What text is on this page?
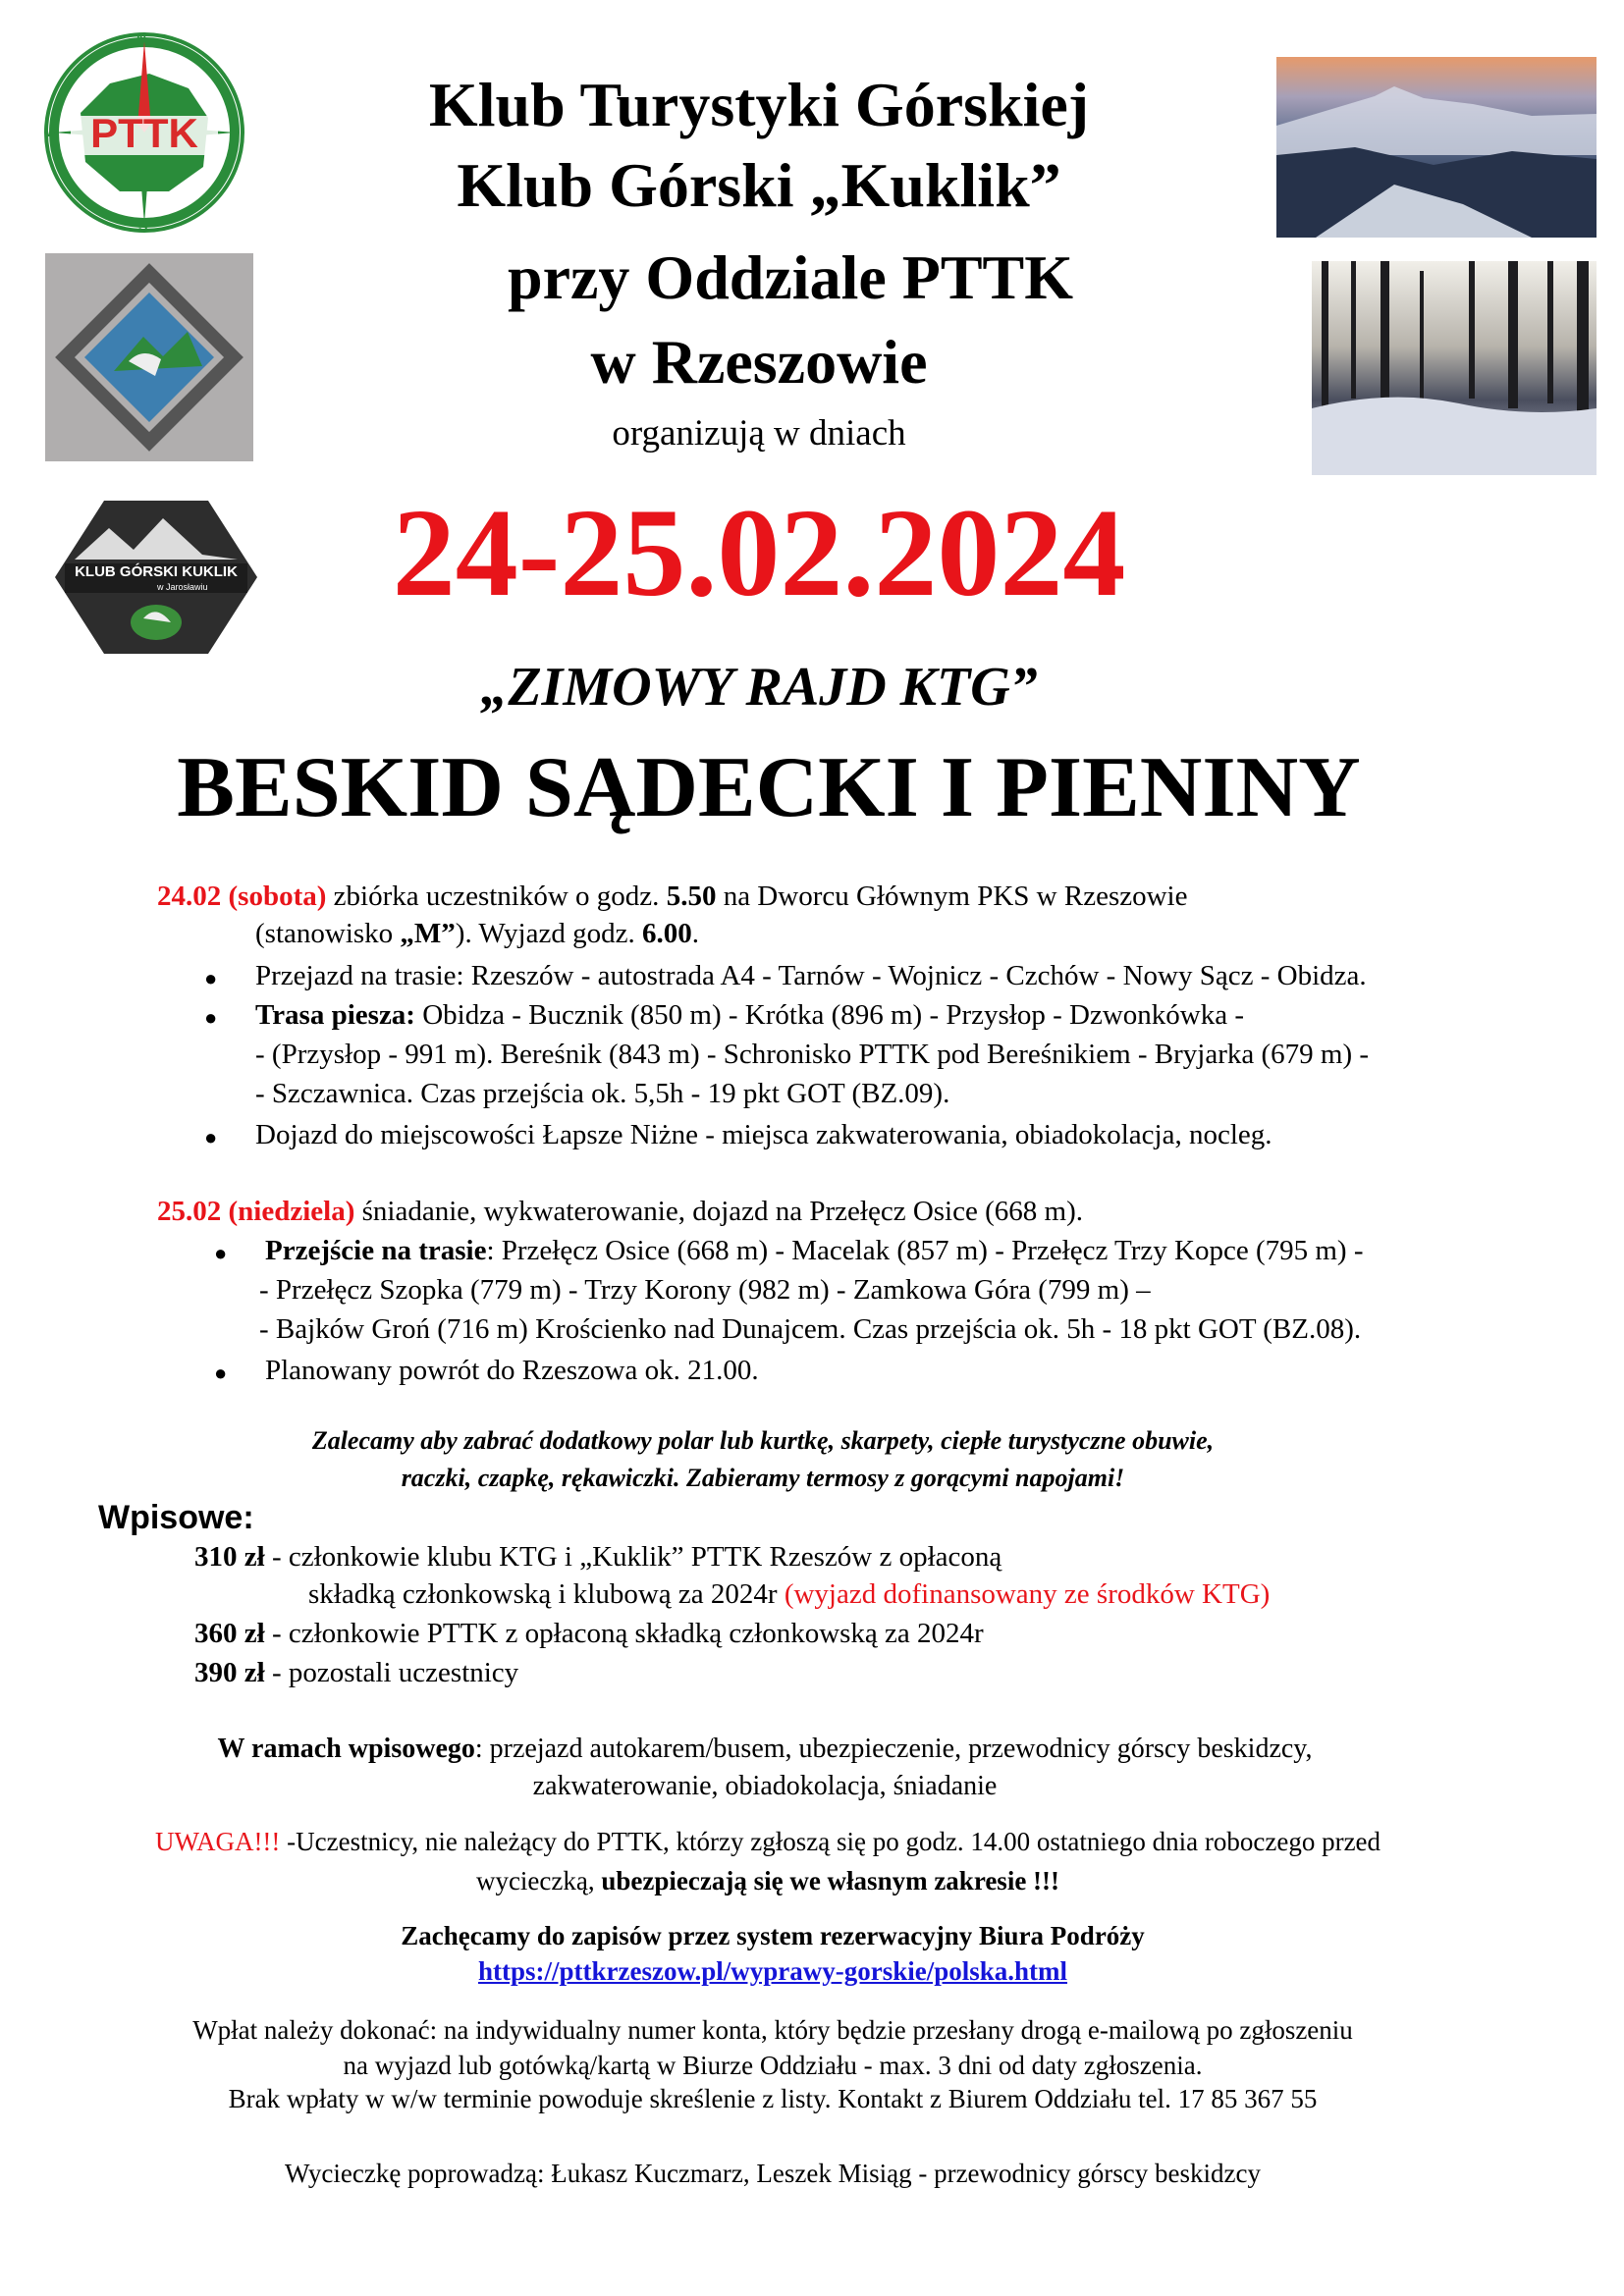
PTTK
N
S
E
W
KLUB GÓRSKI KUKLIK
w Jarosławiu
Klub Turystyki Górskiej
Klub Górski „Kuklik”
przy Oddziale PTTK
w Rzeszowie
organizują w dniach
24-25.02.2024
„ZIMOWY RAJD KTG”
BESKID SĄDECKI I PIENINY
24.02 (sobota) zbiórka uczestników o godz. 5.50 na Dworcu Głównym PKS w Rzeszowie
(stanowisko „M”). Wyjazd godz. 6.00.
● Przejazd na trasie: Rzeszów - autostrada A4 - Tarnów - Wojnicz - Czchów - Nowy Sącz - Obidza.
● Trasa piesza: Obidza - Bucznik (850 m) - Krótka (896 m) - Przysłop - Dzwonkówka -
- (Przysłop - 991 m). Bereśnik (843 m) - Schronisko PTTK pod Bereśnikiem - Bryjarka (679 m) -
- Szczawnica. Czas przejścia ok. 5,5h - 19 pkt GOT (BZ.09).
● Dojazd do miejscowości Łapsze Niżne - miejsca zakwaterowania, obiadokolacja, nocleg.
25.02 (niedziela) śniadanie, wykwaterowanie, dojazd na Przełęcz Osice (668 m).
● Przejście na trasie: Przełęcz Osice (668 m) - Macelak (857 m) - Przełęcz Trzy Kopce (795 m) -
- Przełęcz Szopka (779 m) - Trzy Korony (982 m) - Zamkowa Góra (799 m) –
- Bajków Groń (716 m) Krościenko nad Dunajcem. Czas przejścia ok. 5h - 18 pkt GOT (BZ.08).
● Planowany powrót do Rzeszowa ok. 21.00.
Zalecamy aby zabrać dodatkowy polar lub kurtkę, skarpety, ciepłe turystyczne obuwie,
raczki, czapkę, rękawiczki. Zabieramy termosy z gorącymi napojami!
Wpisowe:
310 zł - członkowie klubu KTG i „Kuklik” PTTK Rzeszów z opłaconą
składką członkowską i klubową za 2024r (wyjazd dofinansowany ze środków KTG)
360 zł - członkowie PTTK z opłaconą składką członkowską za 2024r
390 zł - pozostali uczestnicy
W ramach wpisowego: przejazd autokarem/busem, ubezpieczenie, przewodnicy górscy beskidzcy,
zakwaterowanie, obiadokolacja, śniadanie
UWAGA!!! -Uczestnicy, nie należący do PTTK, którzy zgłoszą się po godz. 14.00 ostatniego dnia roboczego przed
wycieczką, ubezpieczają się we własnym zakresie !!!
Zachęcamy do zapisów przez system rezerwacyjny Biura Podróży
https://pttkrzeszow.pl/wyprawy-gorskie/polska.html
Wpłat należy dokonać: na indywidualny numer konta, który będzie przesłany drogą e-mailową po zgłoszeniu
na wyjazd lub gotówką/kartą w Biurze Oddziału - max. 3 dni od daty zgłoszenia.
Brak wpłaty w w/w terminie powoduje skreślenie z listy. Kontakt z Biurem Oddziału tel. 17 85 367 55
Wycieczkę poprowadzą: Łukasz Kuczmarz, Leszek Misiąg - przewodnicy górscy beskidzcy
